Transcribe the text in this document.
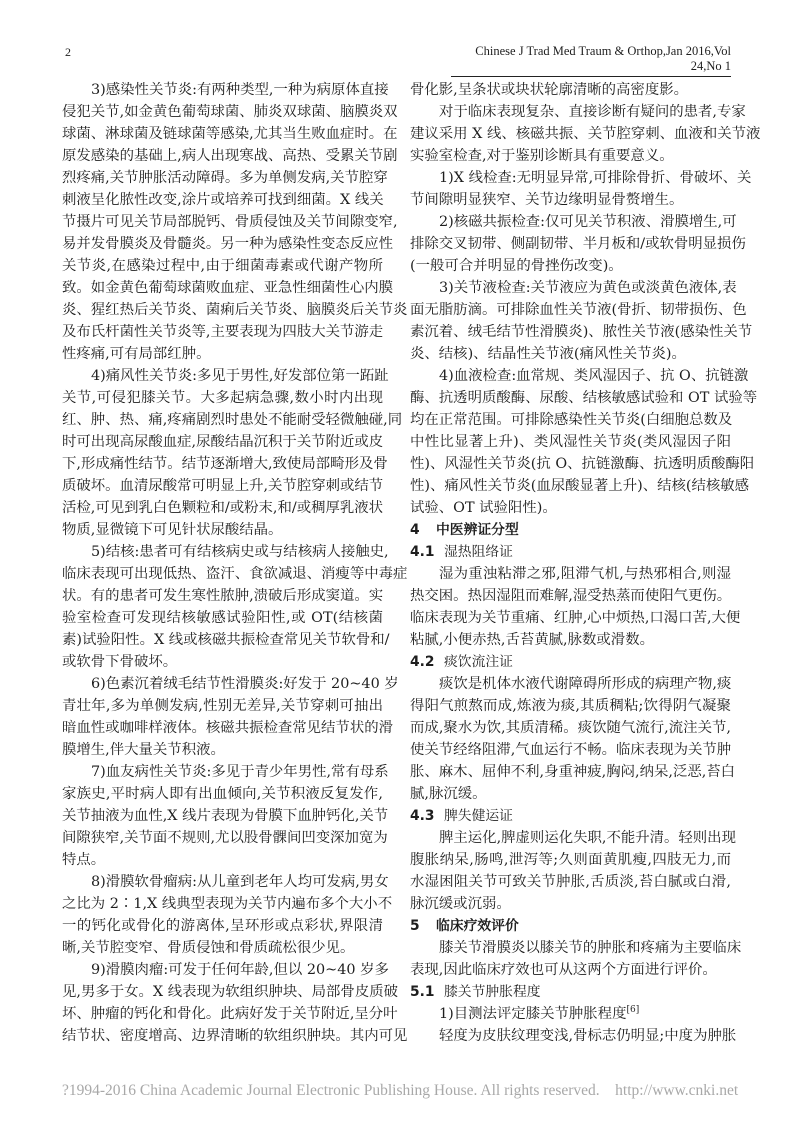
2	Chinese J Trad Med Traum & Orthop,Jan 2016,Vol 24,No 1
3)感染性关节炎:有两种类型,一种为病原体直接
侵犯关节,如金黄色葡萄球菌、肺炎双球菌、脑膜炎双
球菌、淋球菌及链球菌等感染,尤其当生败血症时。在
原发感染的基础上,病人出现寒战、高热、受累关节剧
烈疼痛,关节肿胀活动障碍。多为单侧发病,关节腔穿
刺液呈化脓性改变,涂片或培养可找到细菌。X 线关
节摄片可见关节局部脱钙、骨质侵蚀及关节间隙变窄,
易并发骨膜炎及骨髓炎。另一种为感染性变态反应性
关节炎,在感染过程中,由于细菌毒素或代谢产物所
致。如金黄色葡萄球菌败血症、亚急性细菌性心内膜
炎、猩红热后关节炎、菌痢后关节炎、脑膜炎后关节炎
及布氏杆菌性关节炎等,主要表现为四肢大关节游走
性疼痛,可有局部红肿。
4)痛风性关节炎:多见于男性,好发部位第一跖趾
关节,可侵犯膝关节。大多起病急骤,数小时内出现
红、肿、热、痛,疼痛剧烈时患处不能耐受轻微触碰,同
时可出现高尿酸血症,尿酸结晶沉积于关节附近或皮
下,形成痛性结节。结节逐渐增大,致使局部畸形及骨
质破坏。血清尿酸常可明显上升,关节腔穿刺或结节
活检,可见到乳白色颗粒和/或粉末,和/或稠厚乳液状
物质,显微镜下可见针状尿酸结晶。
5)结核:患者可有结核病史或与结核病人接触史,
临床表现可出现低热、盗汗、食欲减退、消瘦等中毒症
状。有的患者可发生寒性脓肿,溃破后形成窦道。实
验室检查可发现结核敏感试验阳性,或 OT(结核菌
素)试验阳性。X 线或核磁共振检查常见关节软骨和/
或软骨下骨破坏。
6)色素沉着绒毛结节性滑膜炎:好发于 20~40 岁
青壮年,多为单侧发病,性别无差异,关节穿刺可抽出
暗血性或咖啡样液体。核磁共振检查常见结节状的滑
膜增生,伴大量关节积液。
7)血友病性关节炎:多见于青少年男性,常有母系
家族史,平时病人即有出血倾向,关节积液反复发作,
关节抽液为血性,X 线片表现为骨膜下血肿钙化,关节
间隙狭窄,关节面不规则,尤以股骨髁间凹变深加宽为
特点。
8)滑膜软骨瘤病:从儿童到老年人均可发病,男女
之比为 2∶1,X 线典型表现为关节内遍布多个大小不
一的钙化或骨化的游离体,呈环形或点彩状,界限清
晰,关节腔变窄、骨质侵蚀和骨质疏松很少见。
9)滑膜肉瘤:可发于任何年龄,但以 20~40 岁多
见,男多于女。X 线表现为软组织肿块、局部骨皮质破
坏、肿瘤的钙化和骨化。此病好发于关节附近,呈分叶
结节状、密度增高、边界清晰的软组织肿块。其内可见
骨化影,呈条状或块状轮廓清晰的高密度影。
对于临床表现复杂、直接诊断有疑问的患者,专家
建议采用 X 线、核磁共振、关节腔穿刺、血液和关节液
实验室检查,对于鉴别诊断具有重要意义。
1)X 线检查:无明显异常,可排除骨折、骨破坏、关
节间隙明显狭窄、关节边缘明显骨赘增生。
2)核磁共振检查:仅可见关节积液、滑膜增生,可
排除交叉韧带、侧副韧带、半月板和/或软骨明显损伤
(一般可合并明显的骨挫伤改变)。
3)关节液检查:关节液应为黄色或淡黄色液体,表
面无脂肪滴。可排除血性关节液(骨折、韧带损伤、色
素沉着、绒毛结节性滑膜炎)、脓性关节液(感染性关节
炎、结核)、结晶性关节液(痛风性关节炎)。
4)血液检查:血常规、类风湿因子、抗 O、抗链激
酶、抗透明质酸酶、尿酸、结核敏感试验和 OT 试验等
均在正常范围。可排除感染性关节炎(白细胞总数及
中性比显著上升)、类风湿性关节炎(类风湿因子阳
性)、风湿性关节炎(抗 O、抗链激酶、抗透明质酸酶阳
性)、痛风性关节炎(血尿酸显著上升)、结核(结核敏感
试验、OT 试验阳性)。
4 中医辨证分型
4.1 湿热阻络证
湿为重浊粘滞之邪,阻滞气机,与热邪相合,则湿
热交困。热因湿阻而难解,湿受热蒸而使阳气更伤。
临床表现为关节重痛、红肿,心中烦热,口渴口苦,大便
粘腻,小便赤热,舌苔黄腻,脉数或滑数。
4.2 痰饮流注证
痰饮是机体水液代谢障碍所形成的病理产物,痰
得阳气煎熬而成,炼液为痰,其质稠粘;饮得阴气凝聚
而成,聚水为饮,其质清稀。痰饮随气流行,流注关节,
使关节经络阻滞,气血运行不畅。临床表现为关节肿
胀、麻木、屈伸不利,身重神疲,胸闷,纳呆,泛恶,苔白
腻,脉沉缓。
4.3 脾失健运证
脾主运化,脾虚则运化失职,不能升清。轻则出现
腹胀纳呆,肠鸣,泄泻等;久则面黄肌瘦,四肢无力,而
水湿困阻关节可致关节肿胀,舌质淡,苔白腻或白滑,
脉沉缓或沉弱。
5 临床疗效评价
膝关节滑膜炎以膝关节的肿胀和疼痛为主要临床
表现,因此临床疗效也可从这两个方面进行评价。
5.1 膝关节肿胀程度
1)目测法评定膝关节肿胀程度[6]
轻度为皮肤纹理变浅,骨标志仍明显;中度为肿胀
?1994-2016 China Academic Journal Electronic Publishing House. All rights reserved.    http://www.cnki.net
